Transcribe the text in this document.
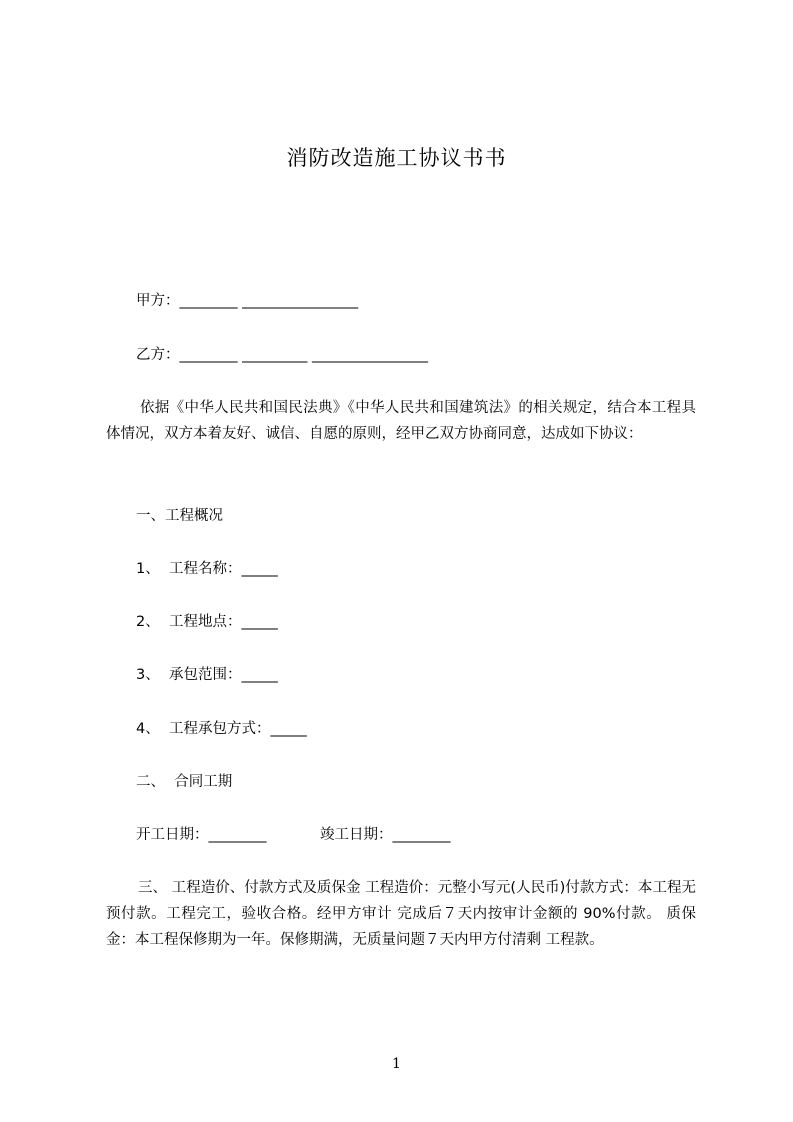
消防改造施工协议书书
甲方：________ ________________
乙方：________ _________ ________________
依据《中华人民共和国民法典》《中华人民共和国建筑法》的相关规定，结合本工程具体情况，双方本着友好、诚信、自愿的原则，经甲乙双方协商同意，达成如下协议：
一、工程概况
1、  工程名称：_____
2、  工程地点：_____
3、  承包范围：_____
4、  工程承包方式：_____
二、  合同工期
开工日期：________	竣工日期：________
三、 工程造价、付款方式及质保金 工程造价：元整小写元(人民币)付款方式：本工程无预付款。工程完工，验收合格。经甲方审计 完成后７天内按审计金额的 90%付款。 质保金：本工程保修期为一年。保修期满，无质量问题７天内甲方付清剩 工程款。
1
